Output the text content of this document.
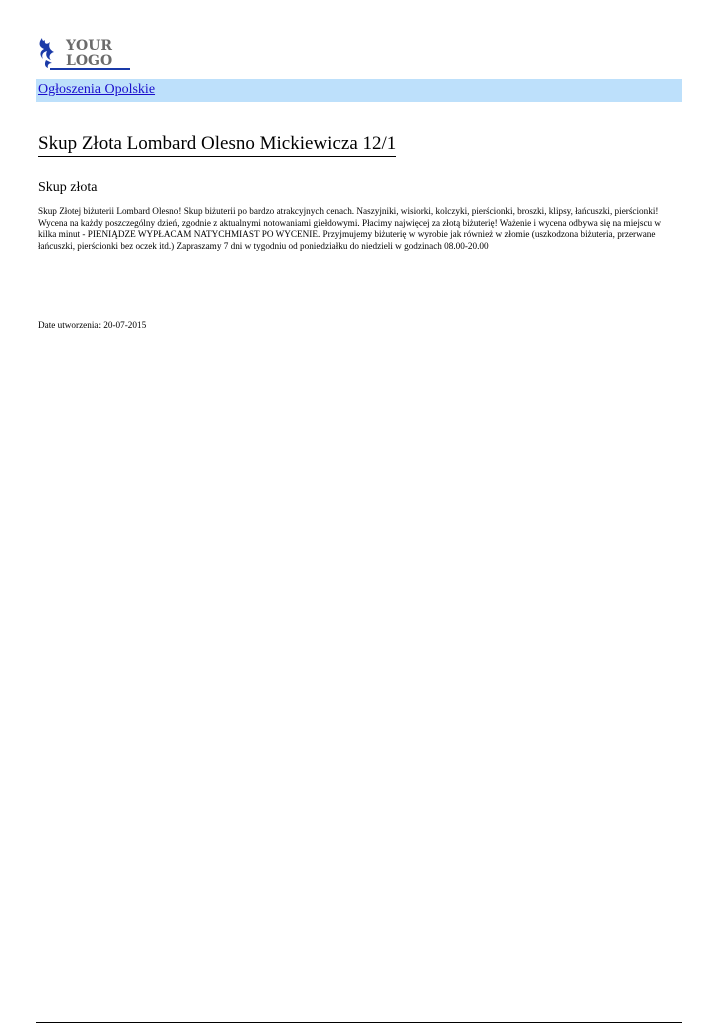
YOUR
LOGO
Ogłoszenia Opolskie
Skup Złota Lombard Olesno Mickiewicza 12/1
Skup złota

Skup Złotej biżuterii Lombard Olesno! Skup biżuterii po bardzo atrakcyjnych cenach. Naszyjniki, wisiorki, kolczyki, pierścionki, broszki, klipsy, łańcuszki, pierścionki! Wycena na każdy poszczególny dzień, zgodnie z aktualnymi notowaniami giełdowymi. Płacimy najwięcej za złotą biżuterię! Ważenie i wycena odbywa się na miejscu w kilka minut - PIENIĄDZE WYPŁACAM NATYCHMIAST PO WYCENIE. Przyjmujemy biżuterię w wyrobie jak również w złomie (uszkodzona biżuteria, przerwane łańcuszki, pierścionki bez oczek itd.) Zapraszamy 7 dni w tygodniu od poniedziałku do niedzieli w godzinach 08.00-20.00

Date utworzenia: 20-07-2015
